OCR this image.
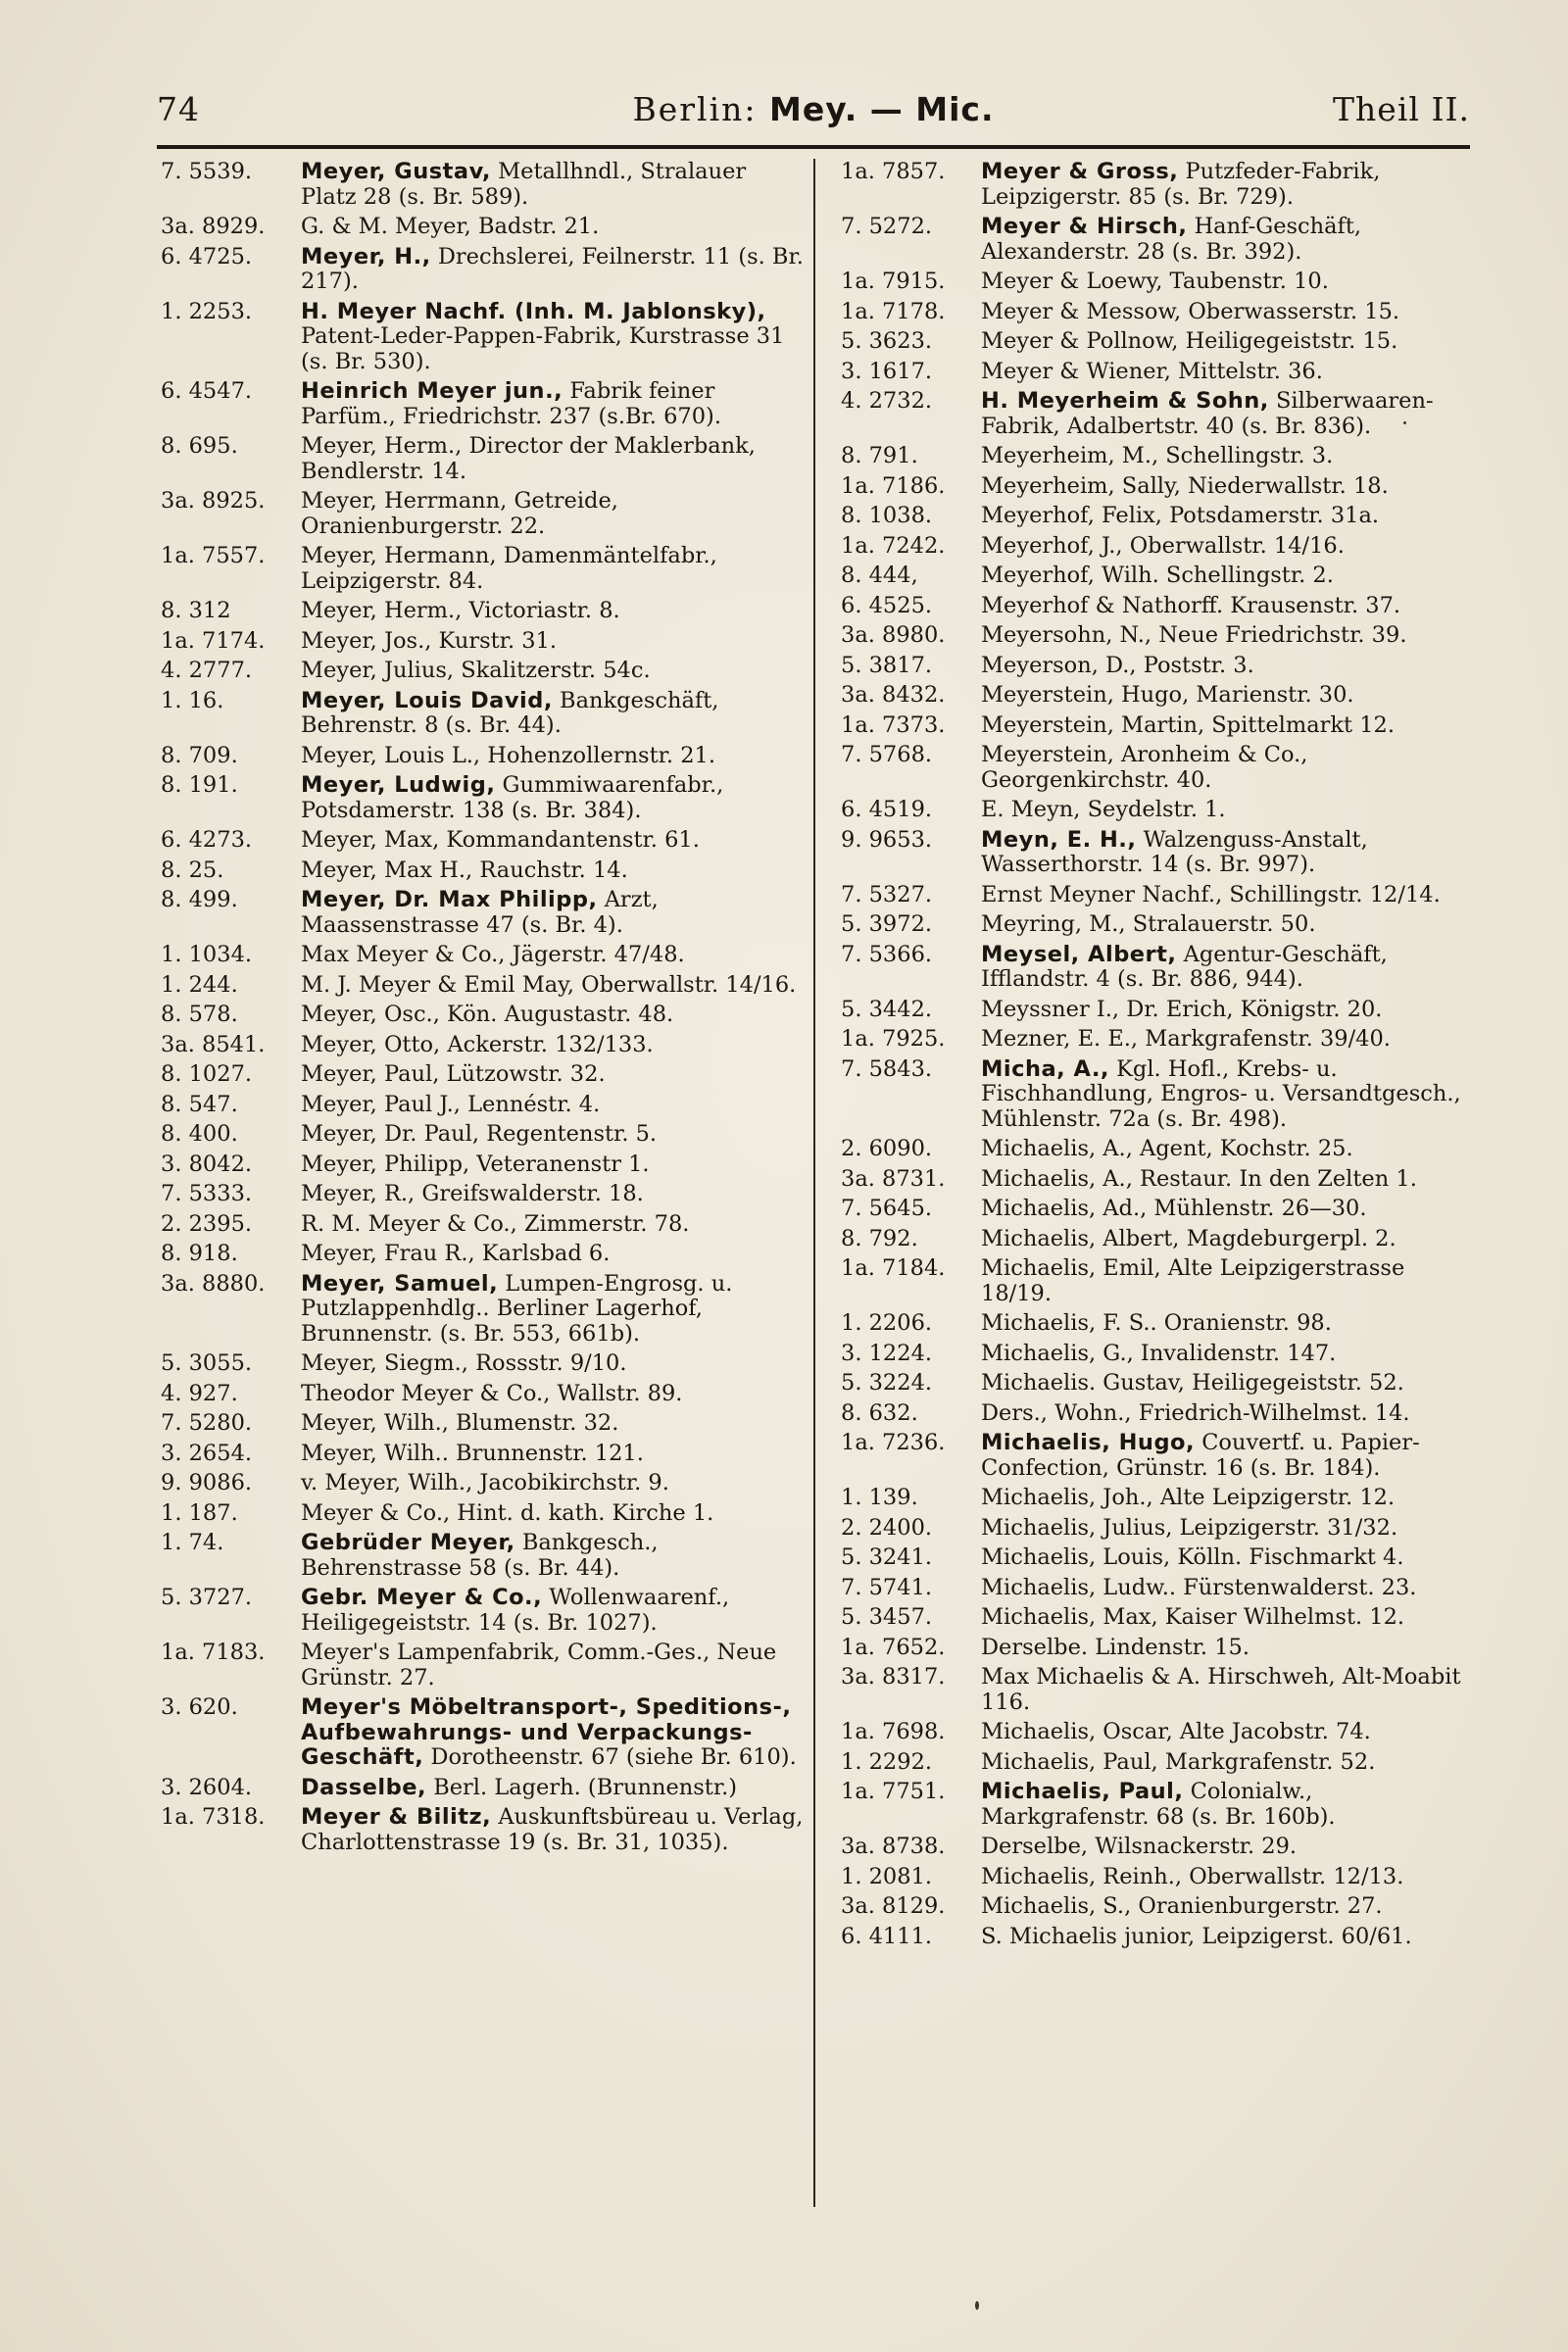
74	Berlin: Mey. — Mic.	Theil II.
7. 5539.	Meyer, Gustav, Metallhndl., Stralauer Platz 28 (s. Br. 589).
3a. 8929.	G. & M. Meyer, Badstr. 21.
6. 4725.	Meyer, H., Drechslerei, Feilnerstr. 11 (s. Br. 217).
1. 2253.	H. Meyer Nachf. (Inh. M. Jablonsky), Patent-Leder-Pappen-Fabrik, Kurstrasse 31 (s. Br. 530).
6. 4547.	Heinrich Meyer jun., Fabrik feiner Parfüm., Friedrichstr. 237 (s.Br. 670).
8. 695.	Meyer, Herm., Director der Maklerbank, Bendlerstr. 14.
3a. 8925.	Meyer, Herrmann, Getreide, Oranienburgerstr. 22.
1a. 7557.	Meyer, Hermann, Damenmäntelfabr., Leipzigerstr. 84.
8. 312	Meyer, Herm., Victoriastr. 8.
1a. 7174.	Meyer, Jos., Kurstr. 31.
4. 2777.	Meyer, Julius, Skalitzerstr. 54c.
1. 16.	Meyer, Louis David, Bankgeschäft, Behrenstr. 8 (s. Br. 44).
8. 709.	Meyer, Louis L., Hohenzollernstr. 21.
8. 191.	Meyer, Ludwig, Gummiwaarenfabr., Potsdamerstr. 138 (s. Br. 384).
6. 4273.	Meyer, Max, Kommandantenstr. 61.
8. 25.	Meyer, Max H., Rauchstr. 14.
8. 499.	Meyer, Dr. Max Philipp, Arzt, Maassenstrasse 47 (s. Br. 4).
1. 1034.	Max Meyer & Co., Jägerstr. 47/48.
1. 244.	M. J. Meyer & Emil May, Oberwallstr. 14/16.
8. 578.	Meyer, Osc., Kön. Augustastr. 48.
3a. 8541.	Meyer, Otto, Ackerstr. 132/133.
8. 1027.	Meyer, Paul, Lützowstr. 32.
8. 547.	Meyer, Paul J., Lennéstr. 4.
8. 400.	Meyer, Dr. Paul, Regentenstr. 5.
3. 8042.	Meyer, Philipp, Veteranenstr 1.
7. 5333.	Meyer, R., Greifswalderstr. 18.
2. 2395.	R. M. Meyer & Co., Zimmerstr. 78.
8. 918.	Meyer, Frau R., Karlsbad 6.
3a. 8880.	Meyer, Samuel, Lumpen-Engrosg. u. Putzlappenhdlg.. Berliner Lagerhof, Brunnenstr. (s. Br. 553, 661b).
5. 3055.	Meyer, Siegm., Rossstr. 9/10.
4. 927.	Theodor Meyer & Co., Wallstr. 89.
7. 5280.	Meyer, Wilh., Blumenstr. 32.
3. 2654.	Meyer, Wilh.. Brunnenstr. 121.
9. 9086.	v. Meyer, Wilh., Jacobikirchstr. 9.
1. 187.	Meyer & Co., Hint. d. kath. Kirche 1.
1. 74.	Gebrüder Meyer, Bankgesch., Behrenstrasse 58 (s. Br. 44).
5. 3727.	Gebr. Meyer & Co., Wollenwaarenf., Heiligegeiststr. 14 (s. Br. 1027).
1a. 7183.	Meyer's Lampenfabrik, Comm.-Ges., Neue Grünstr. 27.
3. 620.	Meyer's Möbeltransport-, Speditions-, Aufbewahrungs- und Verpackungs-Geschäft, Dorotheenstr. 67 (siehe Br. 610).
3. 2604.	Dasselbe, Berl. Lagerh. (Brunnenstr.)
1a. 7318.	Meyer & Bilitz, Auskunftsbüreau u. Verlag, Charlottenstrasse 19 (s. Br. 31, 1035).
1a. 7857.	Meyer & Gross, Putzfeder-Fabrik, Leipzigerstr. 85 (s. Br. 729).
7. 5272.	Meyer & Hirsch, Hanf-Geschäft, Alexanderstr. 28 (s. Br. 392).
1a. 7915.	Meyer & Loewy, Taubenstr. 10.
1a. 7178.	Meyer & Messow, Oberwasserstr. 15.
5. 3623.	Meyer & Pollnow, Heiligegeiststr. 15.
3. 1617.	Meyer & Wiener, Mittelstr. 36.
4. 2732.	H. Meyerheim & Sohn, Silberwaaren-Fabrik, Adalbertstr. 40 (s. Br. 836).
8. 791.	Meyerheim, M., Schellingstr. 3.
1a. 7186.	Meyerheim, Sally, Niederwallstr. 18.
8. 1038.	Meyerhof, Felix, Potsdamerstr. 31a.
1a. 7242.	Meyerhof, J., Oberwallstr. 14/16.
8. 444,	Meyerhof, Wilh. Schellingstr. 2.
6. 4525.	Meyerhof & Nathorff. Krausenstr. 37.
3a. 8980.	Meyersohn, N., Neue Friedrichstr. 39.
5. 3817.	Meyerson, D., Poststr. 3.
3a. 8432.	Meyerstein, Hugo, Marienstr. 30.
1a. 7373.	Meyerstein, Martin, Spittelmarkt 12.
7. 5768.	Meyerstein, Aronheim & Co., Georgenkirchstr. 40.
6. 4519.	E. Meyn, Seydelstr. 1.
9. 9653.	Meyn, E. H., Walzenguss-Anstalt, Wasserthorstr. 14 (s. Br. 997).
7. 5327.	Ernst Meyner Nachf., Schillingstr. 12/14.
5. 3972.	Meyring, M., Stralauerstr. 50.
7. 5366.	Meysel, Albert, Agentur-Geschäft, Ifflandstr. 4 (s. Br. 886, 944).
5. 3442.	Meyssner I., Dr. Erich, Königstr. 20.
1a. 7925.	Mezner, E. E., Markgrafenstr. 39/40.
7. 5843.	Micha, A., Kgl. Hofl., Krebs- u. Fischhandlung, Engros- u. Versandtgesch., Mühlenstr. 72a (s. Br. 498).
2. 6090.	Michaelis, A., Agent, Kochstr. 25.
3a. 8731.	Michaelis, A., Restaur. In den Zelten 1.
7. 5645.	Michaelis, Ad., Mühlenstr. 26—30.
8. 792.	Michaelis, Albert, Magdeburgerpl. 2.
1a. 7184.	Michaelis, Emil, Alte Leipzigerstrasse 18/19.
1. 2206.	Michaelis, F. S.. Oranienstr. 98.
3. 1224.	Michaelis, G., Invalidenstr. 147.
5. 3224.	Michaelis. Gustav, Heiligegeiststr. 52.
8. 632.	Ders., Wohn., Friedrich-Wilhelmst. 14.
1a. 7236.	Michaelis, Hugo, Couvertf. u. Papier-Confection, Grünstr. 16 (s. Br. 184).
1. 139.	Michaelis, Joh., Alte Leipzigerstr. 12.
2. 2400.	Michaelis, Julius, Leipzigerstr. 31/32.
5. 3241.	Michaelis, Louis, Kölln. Fischmarkt 4.
7. 5741.	Michaelis, Ludw.. Fürstenwalderst. 23.
5. 3457.	Michaelis, Max, Kaiser Wilhelmst. 12.
1a. 7652.	Derselbe. Lindenstr. 15.
3a. 8317.	Max Michaelis & A. Hirschweh, Alt-Moabit 116.
1a. 7698.	Michaelis, Oscar, Alte Jacobstr. 74.
1. 2292.	Michaelis, Paul, Markgrafenstr. 52.
1a. 7751.	Michaelis, Paul, Colonialw., Markgrafenstr. 68 (s. Br. 160b).
3a. 8738.	Derselbe, Wilsnackerstr. 29.
1. 2081.	Michaelis, Reinh., Oberwallstr. 12/13.
3a. 8129.	Michaelis, S., Oranienburgerstr. 27.
6. 4111.	S. Michaelis junior, Leipzigerst. 60/61.
